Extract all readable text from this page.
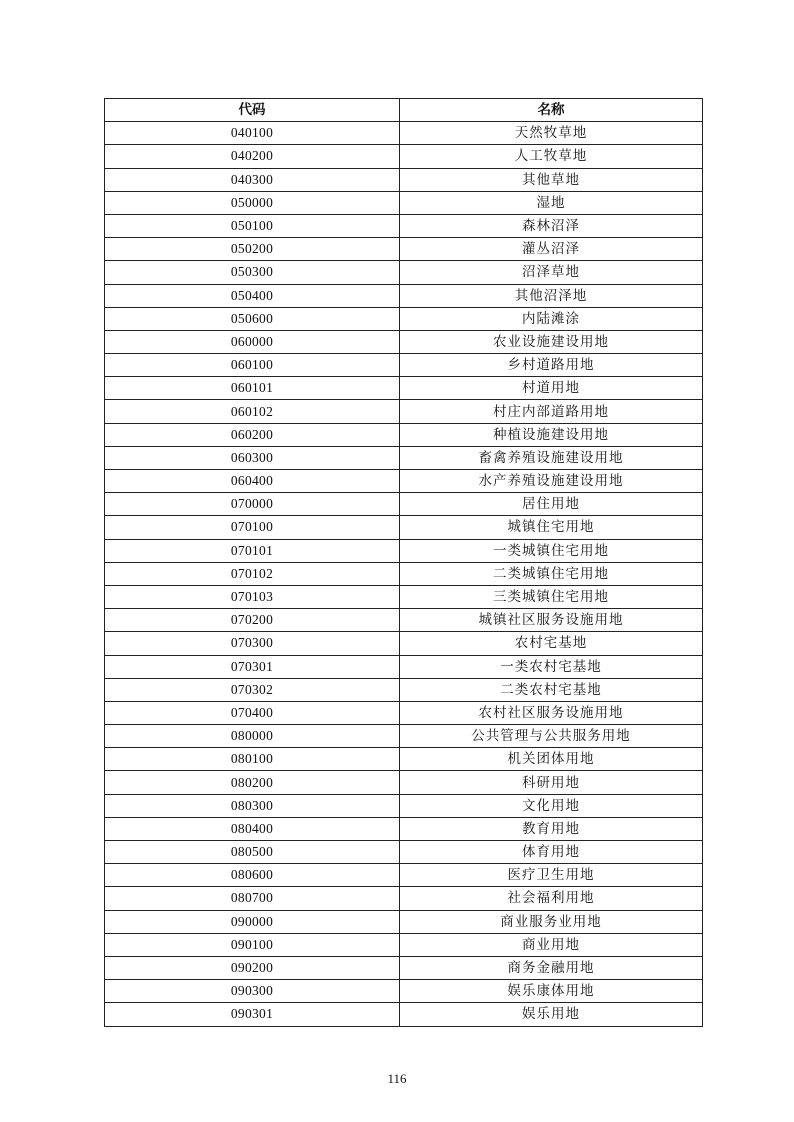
代码	名称
040100	天然牧草地
040200	人工牧草地
040300	其他草地
050000	湿地
050100	森林沼泽
050200	灌丛沼泽
050300	沼泽草地
050400	其他沼泽地
050600	内陆滩涂
060000	农业设施建设用地
060100	乡村道路用地
060101	村道用地
060102	村庄内部道路用地
060200	种植设施建设用地
060300	畜禽养殖设施建设用地
060400	水产养殖设施建设用地
070000	居住用地
070100	城镇住宅用地
070101	一类城镇住宅用地
070102	二类城镇住宅用地
070103	三类城镇住宅用地
070200	城镇社区服务设施用地
070300	农村宅基地
070301	一类农村宅基地
070302	二类农村宅基地
070400	农村社区服务设施用地
080000	公共管理与公共服务用地
080100	机关团体用地
080200	科研用地
080300	文化用地
080400	教育用地
080500	体育用地
080600	医疗卫生用地
080700	社会福利用地
090000	商业服务业用地
090100	商业用地
090200	商务金融用地
090300	娱乐康体用地
090301	娱乐用地
116
